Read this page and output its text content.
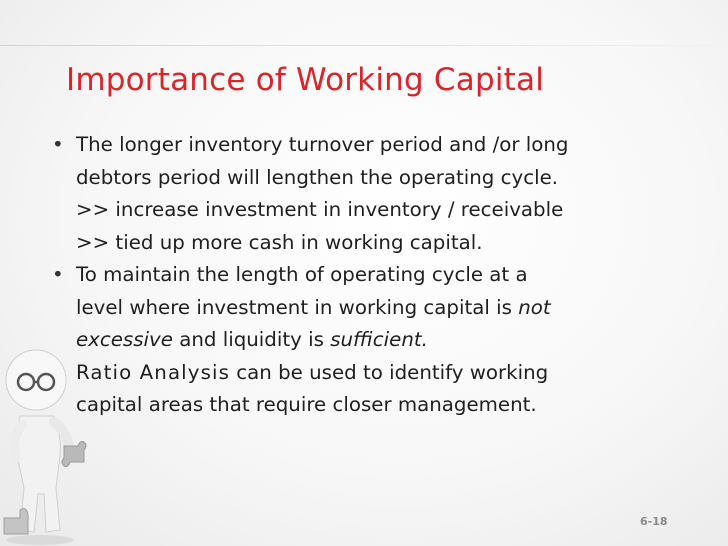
Importance of Working Capital
• The longer inventory turnover period and /or long
debtors period will lengthen the operating cycle.
>> increase investment in inventory / receivable
>> tied up more cash in working capital.
• To maintain the length of operating cycle at a
level where investment in working capital is not
excessive and liquidity is sufficient.
• Ratio Analysis can be used to identify working
capital areas that require closer management.
6-18
